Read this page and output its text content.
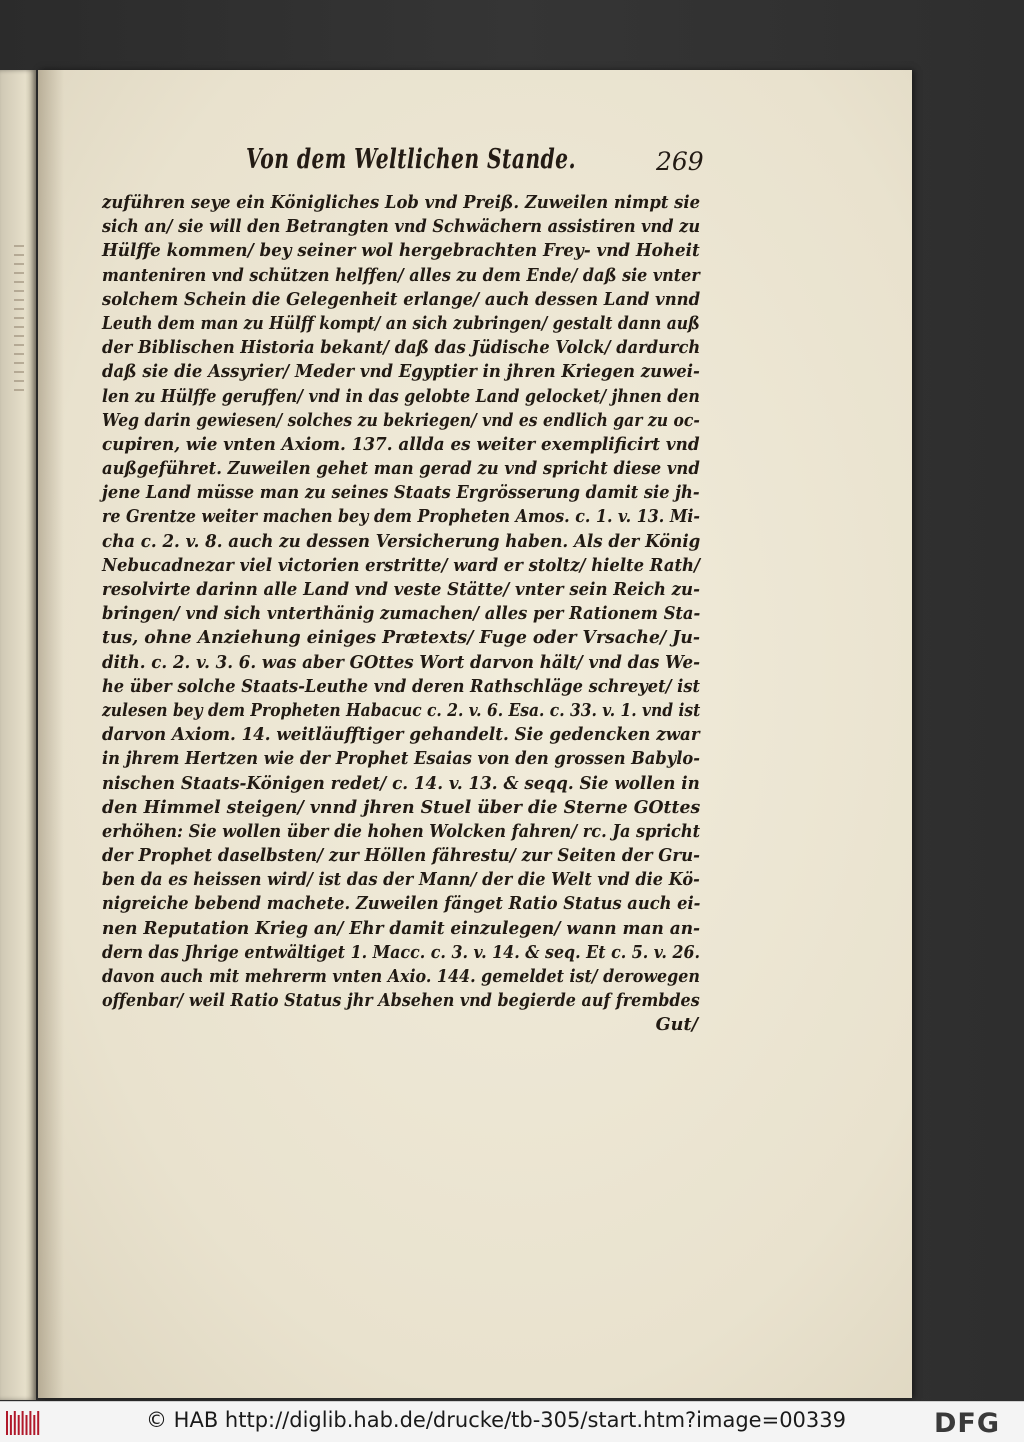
Von dem Weltlichen Stande.	269
zuführen seye ein Königliches Lob vnd Preiß. Zuweilen nimpt sie
sich an/ sie will den Betrangten vnd Schwächern assistiren vnd zu
Hülffe kommen/ bey seiner wol hergebrachten Frey- vnd Hoheit
manteniren vnd schützen helffen/ alles zu dem Ende/ daß sie vnter
solchem Schein die Gelegenheit erlange/ auch dessen Land vnnd
Leuth dem man zu Hülff kompt/ an sich zubringen/ gestalt dann auß
der Biblischen Historia bekant/ daß das Jüdische Volck/ dardurch
daß sie die Assyrier/ Meder vnd Egyptier in jhren Kriegen zuwei-
len zu Hülffe geruffen/ vnd in das gelobte Land gelocket/ jhnen den
Weg darin gewiesen/ solches zu bekriegen/ vnd es endlich gar zu oc-
cupiren, wie vnten Axiom. 137. allda es weiter exemplificirt vnd
außgeführet. Zuweilen gehet man gerad zu vnd spricht diese vnd
jene Land müsse man zu seines Staats Ergrösserung damit sie jh-
re Grentze weiter machen bey dem Propheten Amos. c. 1. v. 13. Mi-
cha c. 2. v. 8. auch zu dessen Versicherung haben. Als der König
Nebucadnezar viel victorien erstritte/ ward er stoltz/ hielte Rath/
resolvirte darinn alle Land vnd veste Stätte/ vnter sein Reich zu-
bringen/ vnd sich vnterthänig zumachen/ alles per Rationem Sta-
tus, ohne Anziehung einiges Prætexts/ Fuge oder Vrsache/ Ju-
dith. c. 2. v. 3. 6. was aber GOttes Wort darvon hält/ vnd das We-
he über solche Staats-Leuthe vnd deren Rathschläge schreyet/ ist
zulesen bey dem Propheten Habacuc c. 2. v. 6. Esa. c. 33. v. 1. vnd ist
darvon Axiom. 14. weitläufftiger gehandelt. Sie gedencken zwar
in jhrem Hertzen wie der Prophet Esaias von den grossen Babylo-
nischen Staats-Königen redet/ c. 14. v. 13. & seqq. Sie wollen in
den Himmel steigen/ vnnd jhren Stuel über die Sterne GOttes
erhöhen: Sie wollen über die hohen Wolcken fahren/ rc. Ja spricht
der Prophet daselbsten/ zur Höllen fährestu/ zur Seiten der Gru-
ben da es heissen wird/ ist das der Mann/ der die Welt vnd die Kö-
nigreiche bebend machete. Zuweilen fänget Ratio Status auch ei-
nen Reputation Krieg an/ Ehr damit einzulegen/ wann man an-
dern das Jhrige entwältiget 1. Macc. c. 3. v. 14. & seq. Et c. 5. v. 26.
davon auch mit mehrerm vnten Axio. 144. gemeldet ist/ derowegen
offenbar/ weil Ratio Status jhr Absehen vnd begierde auf frembdes
Gut/
© HAB http://diglib.hab.de/drucke/tb-305/start.htm?image=00339	DFG
